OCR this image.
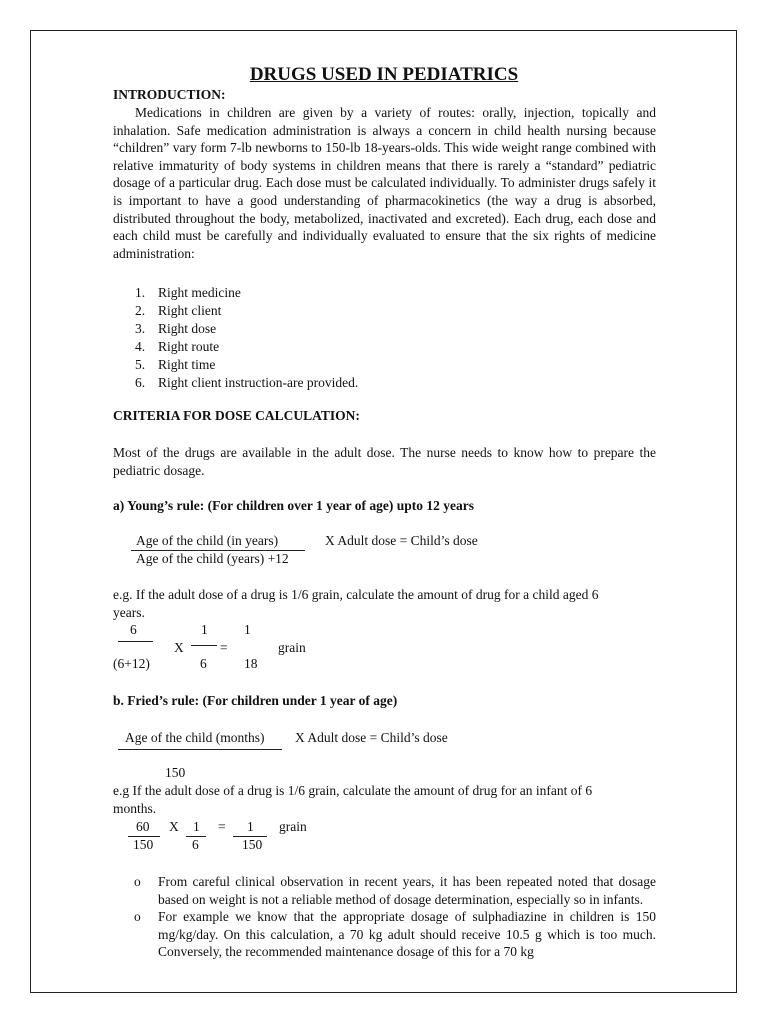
DRUGS USED IN PEDIATRICS
INTRODUCTION:
Medications in children are given by a variety of routes: orally, injection, topically and inhalation. Safe medication administration is always a concern in child health nursing because “children” vary form 7-lb newborns to 150-lb 18-years-olds. This wide weight range combined with relative immaturity of body systems in children means that there is rarely a “standard” pediatric dosage of a particular drug. Each dose must be calculated individually. To administer drugs safely it is important to have a good understanding of pharmacokinetics (the way a drug is absorbed, distributed throughout the body, metabolized, inactivated and excreted). Each drug, each dose and each child must be carefully and individually evaluated to ensure that the six rights of medicine administration:
1. Right medicine
2. Right client
3. Right dose
4. Right route
5. Right time
6. Right client instruction-are provided.
CRITERIA FOR DOSE CALCULATION:
Most of the drugs are available in the adult dose. The nurse needs to know how to prepare the pediatric dosage.
a) Young’s rule: (For children over 1 year of age) upto 12 years
Age of the child (in years)
Age of the child (years) +12
X Adult dose = Child’s dose
e.g. If the adult dose of a drug is 1/6 grain, calculate the amount of drug for a child aged 6
years.
6
(6+12)
X
1
6
=
1
18
grain
b. Fried’s rule: (For children under 1 year of age)
Age of the child (months) X Adult dose = Child’s dose
150
e.g If the adult dose of a drug is 1/6 grain, calculate the amount of drug for an infant of 6
months.
60
150
X 1
6
= 1
150
grain
o From careful clinical observation in recent years, it has been repeated noted that dosage based on weight is not a reliable method of dosage determination, especially so in infants.
o For example we know that the appropriate dosage of sulphadiazine in children is 150 mg/kg/day. On this calculation, a 70 kg adult should receive 10.5 g which is too much. Conversely, the recommended maintenance dosage of this for a 70 kg
